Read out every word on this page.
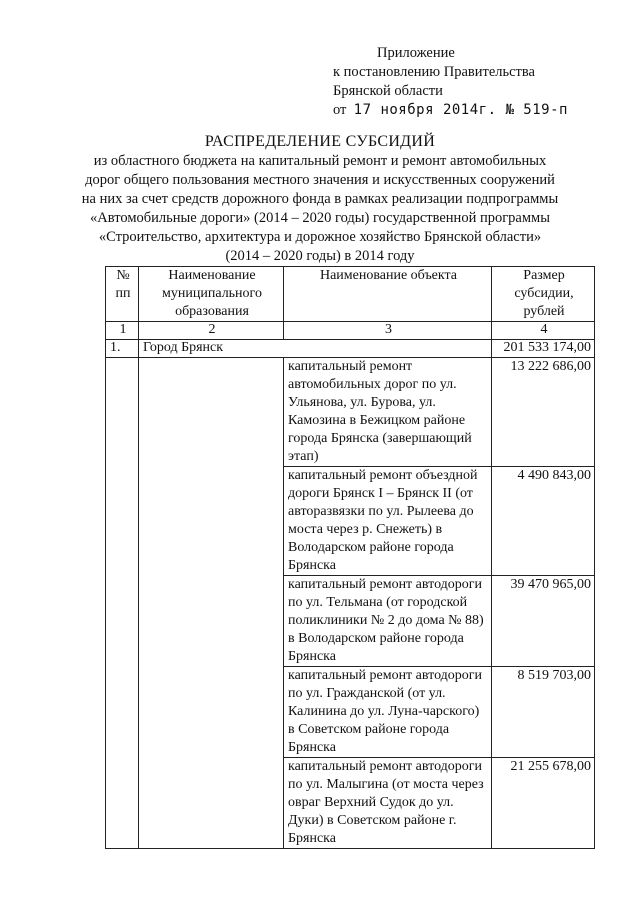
Приложение
к постановлению Правительства
Брянской области
от 17 ноября 2014г. № 519-п
РАСПРЕДЕЛЕНИЕ СУБСИДИЙ
из областного бюджета на капитальный ремонт и ремонт автомобильных
дорог общего пользования местного значения и искусственных сооружений
на них за счет средств дорожного фонда в рамках реализации подпрограммы
«Автомобильные дороги» (2014 – 2020 годы) государственной программы
«Строительство, архитектура и дорожное хозяйство Брянской области»
(2014 – 2020 годы) в 2014 году
№ пп	Наименование муниципального образования	Наименование объекта	Размер субсидии, рублей
1	2	3	4
1.	Город Брянск		201 533 174,00
		капитальный ремонт автомобильных дорог по ул. Ульянова, ул. Бурова, ул. Камозина в Бежицком районе города Брянска (завершающий этап)	13 222 686,00
		капитальный ремонт объездной дороги Брянск I – Брянск II (от авторазвязки по ул. Рылеева до моста через р. Снежеть) в Володарском районе города Брянска	4 490 843,00
		капитальный ремонт автодороги по ул. Тельмана (от городской поликлиники № 2 до дома № 88) в Володарском районе города Брянска	39 470 965,00
		капитальный ремонт автодороги по ул. Гражданской (от ул. Калинина до ул. Луна-чарского) в Советском районе города Брянска	8 519 703,00
		капитальный ремонт автодороги по ул. Малыгина (от моста через овраг Верхний Судок до ул. Дуки) в Советском районе г. Брянска	21 255 678,00
